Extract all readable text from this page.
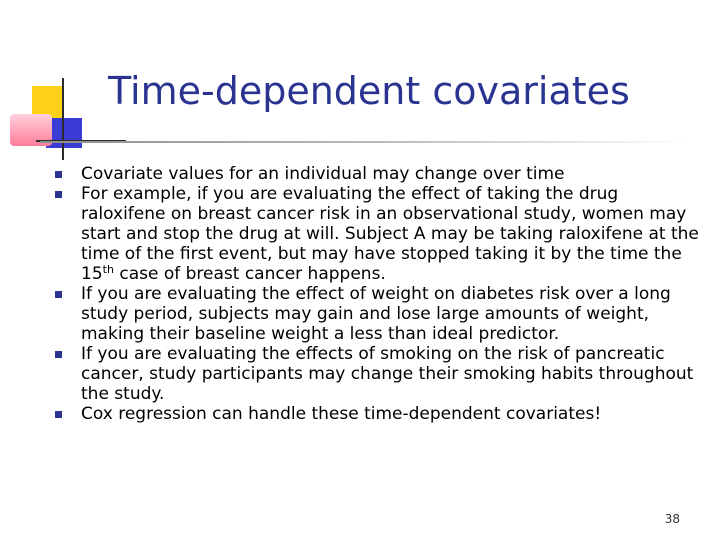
Time-dependent covariates
Covariate values for an individual may change over time
For example, if you are evaluating the effect of taking the drug raloxifene on breast cancer risk in an observational study, women may start and stop the drug at will. Subject A may be taking raloxifene at the time of the first event, but may have stopped taking it by the time the 15th case of breast cancer happens.
If you are evaluating the effect of weight on diabetes risk over a long study period, subjects may gain and lose large amounts of weight, making their baseline weight a less than ideal predictor.
If you are evaluating the effects of smoking on the risk of pancreatic cancer, study participants may change their smoking habits throughout the study.
Cox regression can handle these time-dependent covariates!
38
